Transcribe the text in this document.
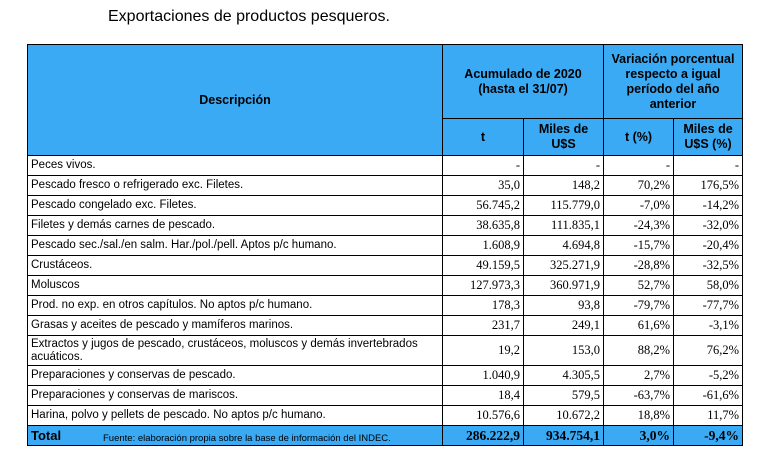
Exportaciones de productos pesqueros.
Descripción	Acumulado de 2020 (hasta el 31/07)		Variación porcentual respecto a igual período del año anterior	
	t	Miles de U$S	t (%)	Miles de U$S (%)
Peces vivos.	-	-	-	-
Pescado fresco o refrigerado exc. Filetes.	35,0	148,2	70,2%	176,5%
Pescado congelado exc. Filetes.	56.745,2	115.779,0	-7,0%	-14,2%
Filetes y demás carnes de pescado.	38.635,8	111.835,1	-24,3%	-32,0%
Pescado sec./sal./en salm. Har./pol./pell. Aptos p/c humano.	1.608,9	4.694,8	-15,7%	-20,4%
Crustáceos.	49.159,5	325.271,9	-28,8%	-32,5%
Moluscos	127.973,3	360.971,9	52,7%	58,0%
Prod. no exp. en otros capítulos. No aptos p/c humano.	178,3	93,8	-79,7%	-77,7%
Grasas y aceites de pescado y mamíferos marinos.	231,7	249,1	61,6%	-3,1%
Extractos y jugos de pescado, crustáceos, moluscos y demás invertebrados acuáticos.	19,2	153,0	88,2%	76,2%
Preparaciones y conservas de pescado.	1.040,9	4.305,5	2,7%	-5,2%
Preparaciones y conservas de mariscos.	18,4	579,5	-63,7%	-61,6%
Harina, polvo y pellets de pescado. No aptos p/c humano.	10.576,6	10.672,2	18,8%	11,7%
Total	286.222,9	934.754,1	3,0%	-9,4%
Fuente: elaboración propia sobre la base de información del INDEC.
